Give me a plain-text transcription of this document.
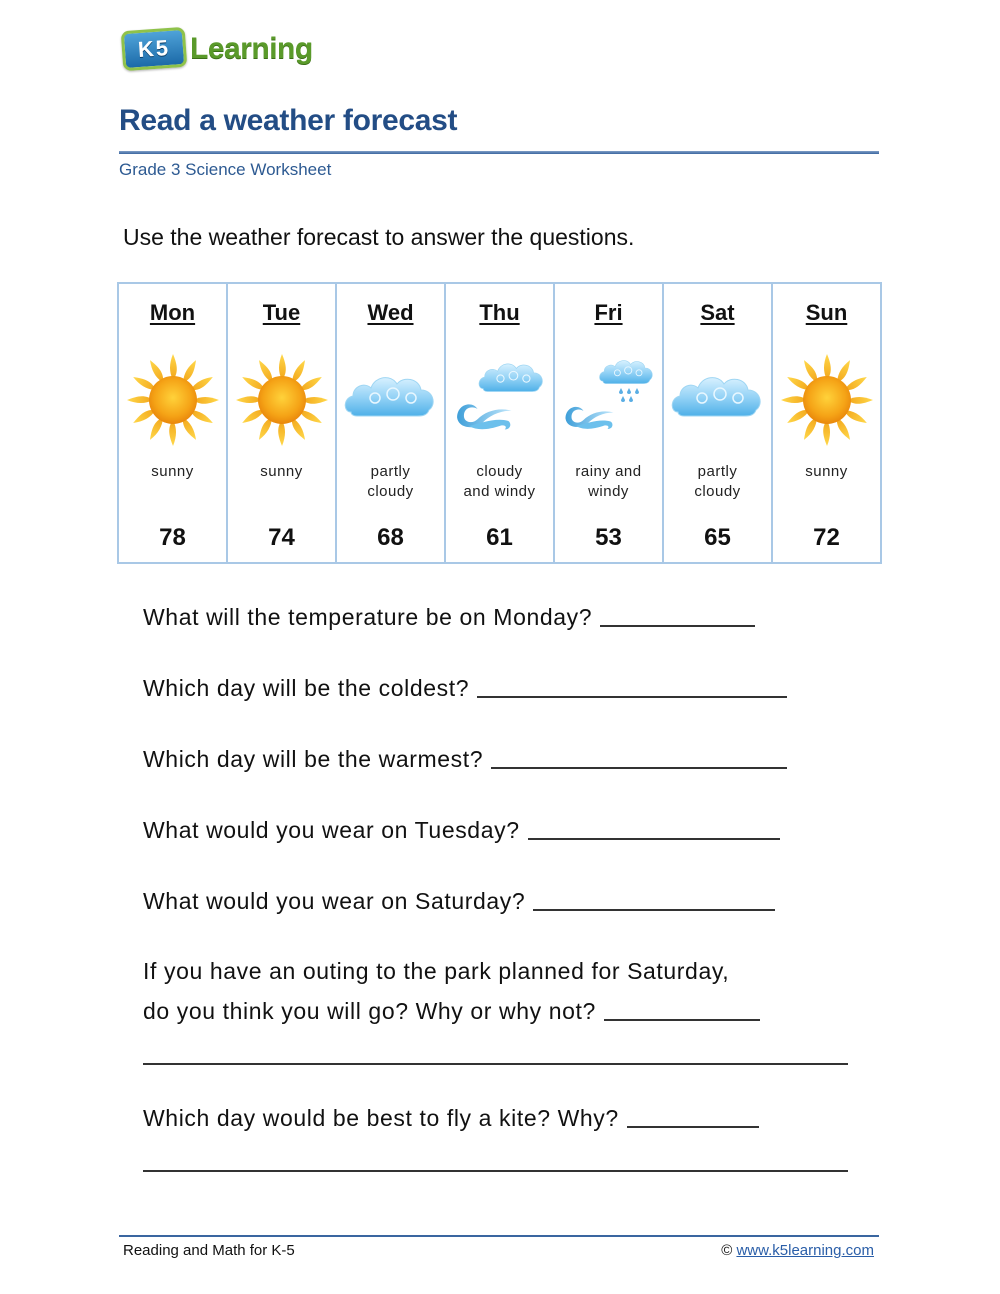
K5 Learning
Read a weather forecast
Grade 3 Science Worksheet
Use the weather forecast to answer the questions.
Mon
sunny
78
Tue
sunny
74
Wed
partly
cloudy
68
Thu
cloudy
and windy
61
Fri
rainy and
windy
53
Sat
partly
cloudy
65
Sun
sunny
72
What will the temperature be on Monday?
Which day will be the coldest?
Which day will be the warmest?
What would you wear on Tuesday?
What would you wear on Saturday?
If you have an outing to the park planned for Saturday,
do you think you will go? Why or why not?
Which day would be best to fly a kite? Why?
Reading and Math for K-5	© www.k5learning.com
